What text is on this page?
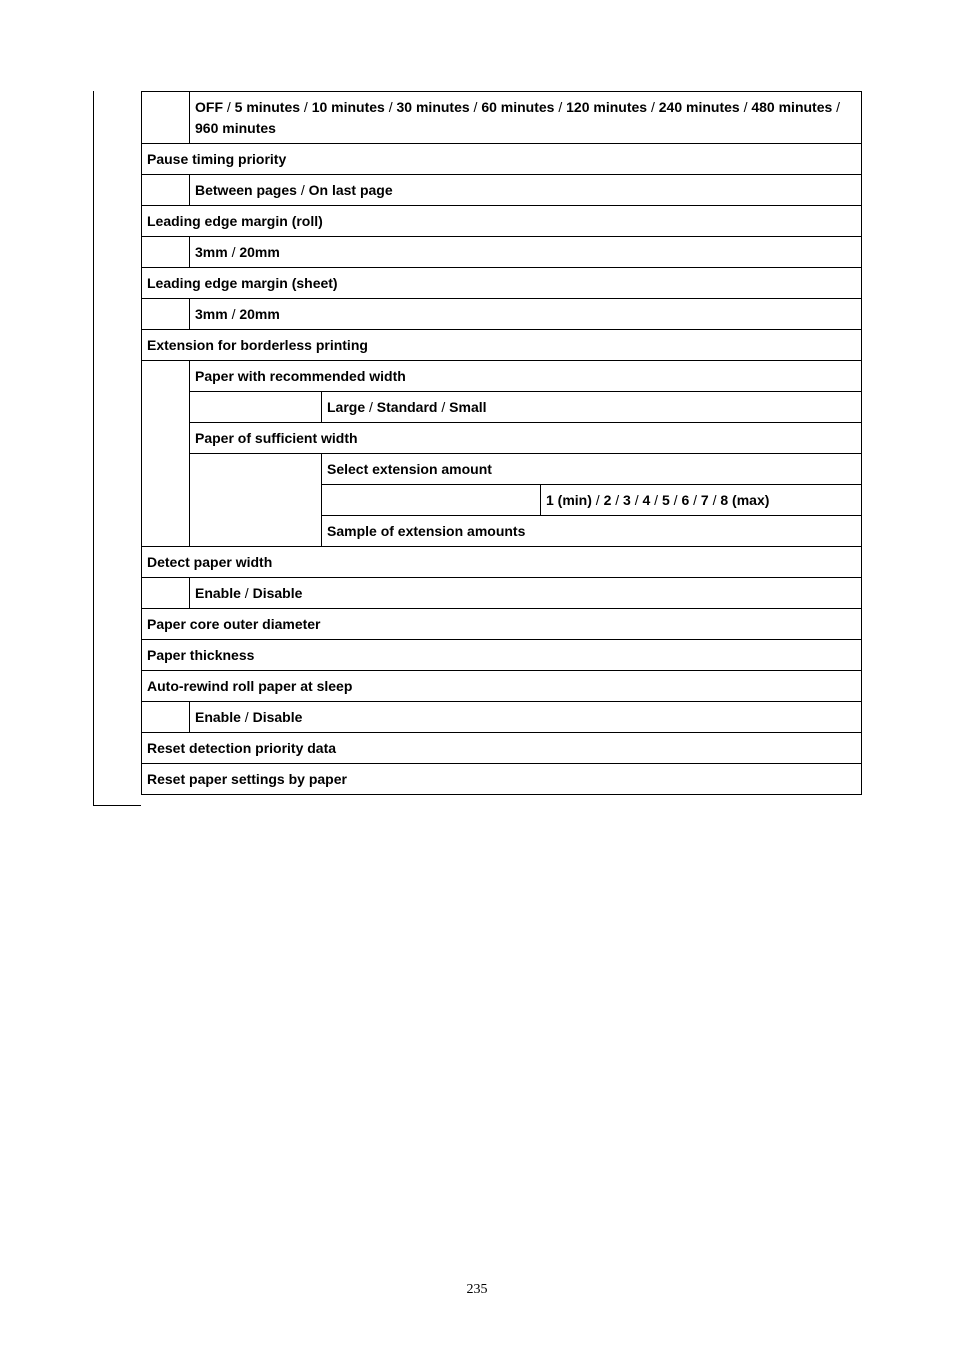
	OFF / 5 minutes / 10 minutes / 30 minutes / 60 minutes / 120 minutes / 240 minutes / 480 minutes / 960 minutes		
Pause timing priority			
	Between pages / On last page		
Leading edge margin (roll)			
	3mm / 20mm		
Leading edge margin (sheet)			
	3mm / 20mm		
Extension for borderless printing			
	Paper with recommended width		
		Large / Standard / Small	
	Paper of sufficient width		
		Select extension amount	
			1 (min) / 2 / 3 / 4 / 5 / 6 / 7 / 8 (max)
		Sample of extension amounts	
Detect paper width			
	Enable / Disable		
Paper core outer diameter			
Paper thickness			
Auto-rewind roll paper at sleep			
	Enable / Disable		
Reset detection priority data			
Reset paper settings by paper			
235
